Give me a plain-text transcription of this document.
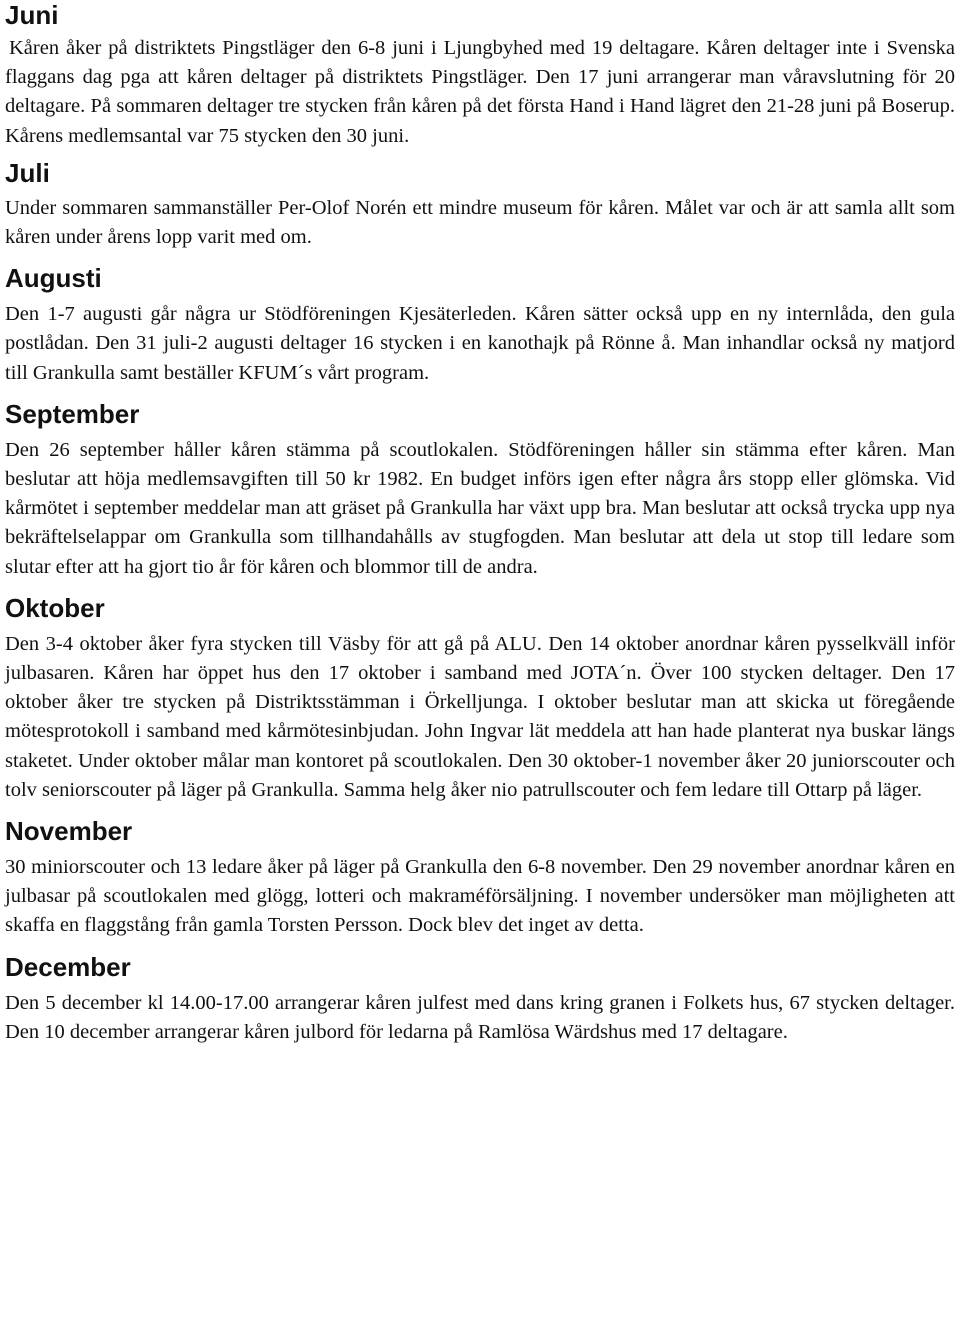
Juni

Kåren åker på distriktets Pingstläger den 6-8 juni i Ljungbyhed med 19 deltagare. Kåren deltager inte i Svenska flaggans dag pga att kåren deltager på distriktets Pingstläger. Den 17 juni arrangerar man våravslutning för 20 deltagare. På sommaren deltager tre stycken från kåren på det första Hand i Hand lägret den 21-28 juni på Boserup. Kårens medlemsantal var 75 stycken den 30 juni.

Juli

Under sommaren sammanställer Per-Olof Norén ett mindre museum för kåren. Målet var och är att samla allt som kåren under årens lopp varit med om.

Augusti

Den 1-7 augusti går några ur Stödföreningen Kjesäterleden. Kåren sätter också upp en ny internlåda, den gula postlådan. Den 31 juli-2 augusti deltager 16 stycken i en kanothajk på Rönne å. Man inhandlar också ny matjord till Grankulla samt beställer KFUM´s vårt program.

September

Den 26 september håller kåren stämma på scoutlokalen. Stödföreningen håller sin stämma efter kåren. Man beslutar att höja medlemsavgiften till 50 kr 1982. En budget införs igen efter några års stopp eller glömska. Vid kårmötet i september meddelar man att gräset på Grankulla har växt upp bra. Man beslutar att också trycka upp nya bekräftelselappar om Grankulla som tillhandahålls av stugfogden. Man beslutar att dela ut stop till ledare som slutar efter att ha gjort tio år för kåren och blommor till de andra.

Oktober

Den 3-4 oktober åker fyra stycken till Väsby för att gå på ALU. Den 14 oktober anordnar kåren pysselkväll inför julbasaren. Kåren har öppet hus den 17 oktober i samband med JOTA´n. Över 100 stycken deltager. Den 17 oktober åker tre stycken på Distriktsstämman i Örkelljunga. I oktober beslutar man att skicka ut föregående mötesprotokoll i samband med kårmötesinbjudan. John Ingvar lät meddela att han hade planterat nya buskar längs staketet. Under oktober målar man kontoret på scoutlokalen. Den 30 oktober-1 november åker 20 juniorscouter och tolv seniorscouter på läger på Grankulla. Samma helg åker nio patrullscouter och fem ledare till Ottarp på läger.

November

30 miniorscouter och 13 ledare åker på läger på Grankulla den 6-8 november. Den 29 november anordnar kåren en julbasar på scoutlokalen med glögg, lotteri och makraméförsäljning. I november undersöker man möjligheten att skaffa en flaggstång från gamla Torsten Persson. Dock blev det inget av detta.

December

Den 5 december kl 14.00-17.00 arrangerar kåren julfest med dans kring granen i Folkets hus, 67 stycken deltager. Den 10 december arrangerar kåren julbord för ledarna på Ramlösa Wärdshus med 17 deltagare.
